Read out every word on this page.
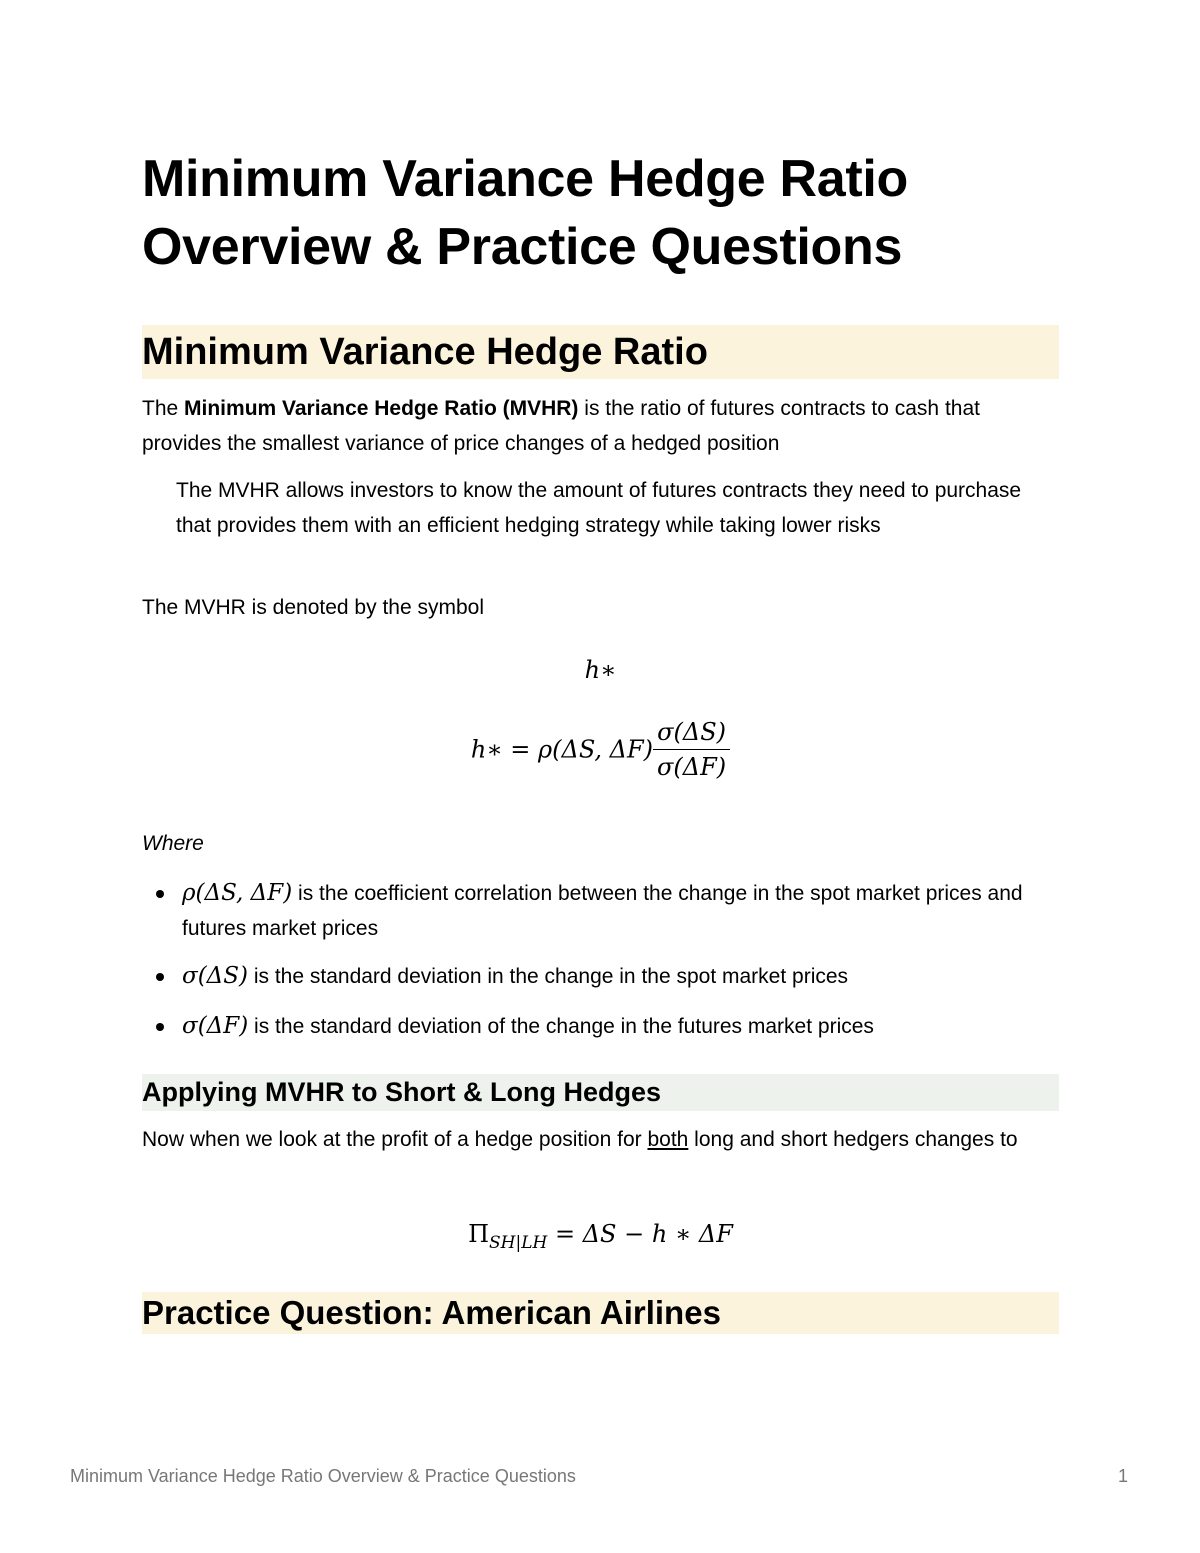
Minimum Variance Hedge Ratio
Overview & Practice Questions
Minimum Variance Hedge Ratio

The Minimum Variance Hedge Ratio (MVHR) is the ratio of futures contracts to cash that provides the smallest variance of price changes of a hedged position

The MVHR allows investors to know the amount of futures contracts they need to purchase that provides them with an efficient hedging strategy while taking lower risks

The MVHR is denoted by the symbol

h∗
h∗ = ρ(ΔS, $\Delta F) \frac{\sigma(\Delta S)}{\sigma(\Delta F)}$

Where

ρ(ΔS, ΔF) is the coefficient correlation between the change in the spot market prices and futures market prices
σ(ΔS) is the standard deviation in the change in the spot market prices
σ(ΔF) is the standard deviation of the change in the futures market prices
Applying MVHR to Short & Long Hedges

Now when we look at the profit of a hedge position for both long and short hedgers changes to

$\Pi_{SH|LH} = \Delta S - h$ ∗ ΔF
Practice Question: American Airlines
Minimum Variance Hedge Ratio Overview & Practice Questions	1
